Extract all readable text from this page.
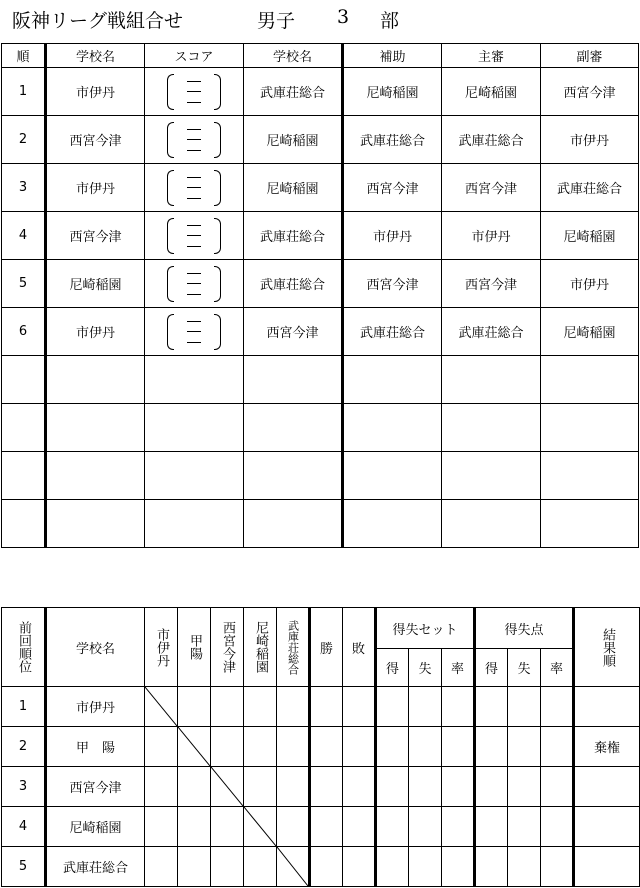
阪神リーグ戦組合せ	男子 3 部
順	学校名	スコア	学校名	補助	主審	副審
1	市伊丹		武庫荘総合	尼崎稲園	尼崎稲園	西宮今津
2	西宮今津		尼崎稲園	武庫荘総合	武庫荘総合	市伊丹
3	市伊丹		尼崎稲園	西宮今津	西宮今津	武庫荘総合
4	西宮今津		武庫荘総合	市伊丹	市伊丹	尼崎稲園
5	尼崎稲園		武庫荘総合	西宮今津	西宮今津	市伊丹
6	市伊丹		西宮今津	武庫荘総合	武庫荘総合	尼崎稲園

前回順位	学校名	市伊丹	甲陽	西宮今津	尼崎稲園	武庫荘総合	勝	敗	得失セット			得失点			結果順
									得	失	率	得	失	率	
1	市伊丹	

2	甲　陽														棄権
3	西宮今津			

4	尼崎稲園				

5	武庫荘総合					
